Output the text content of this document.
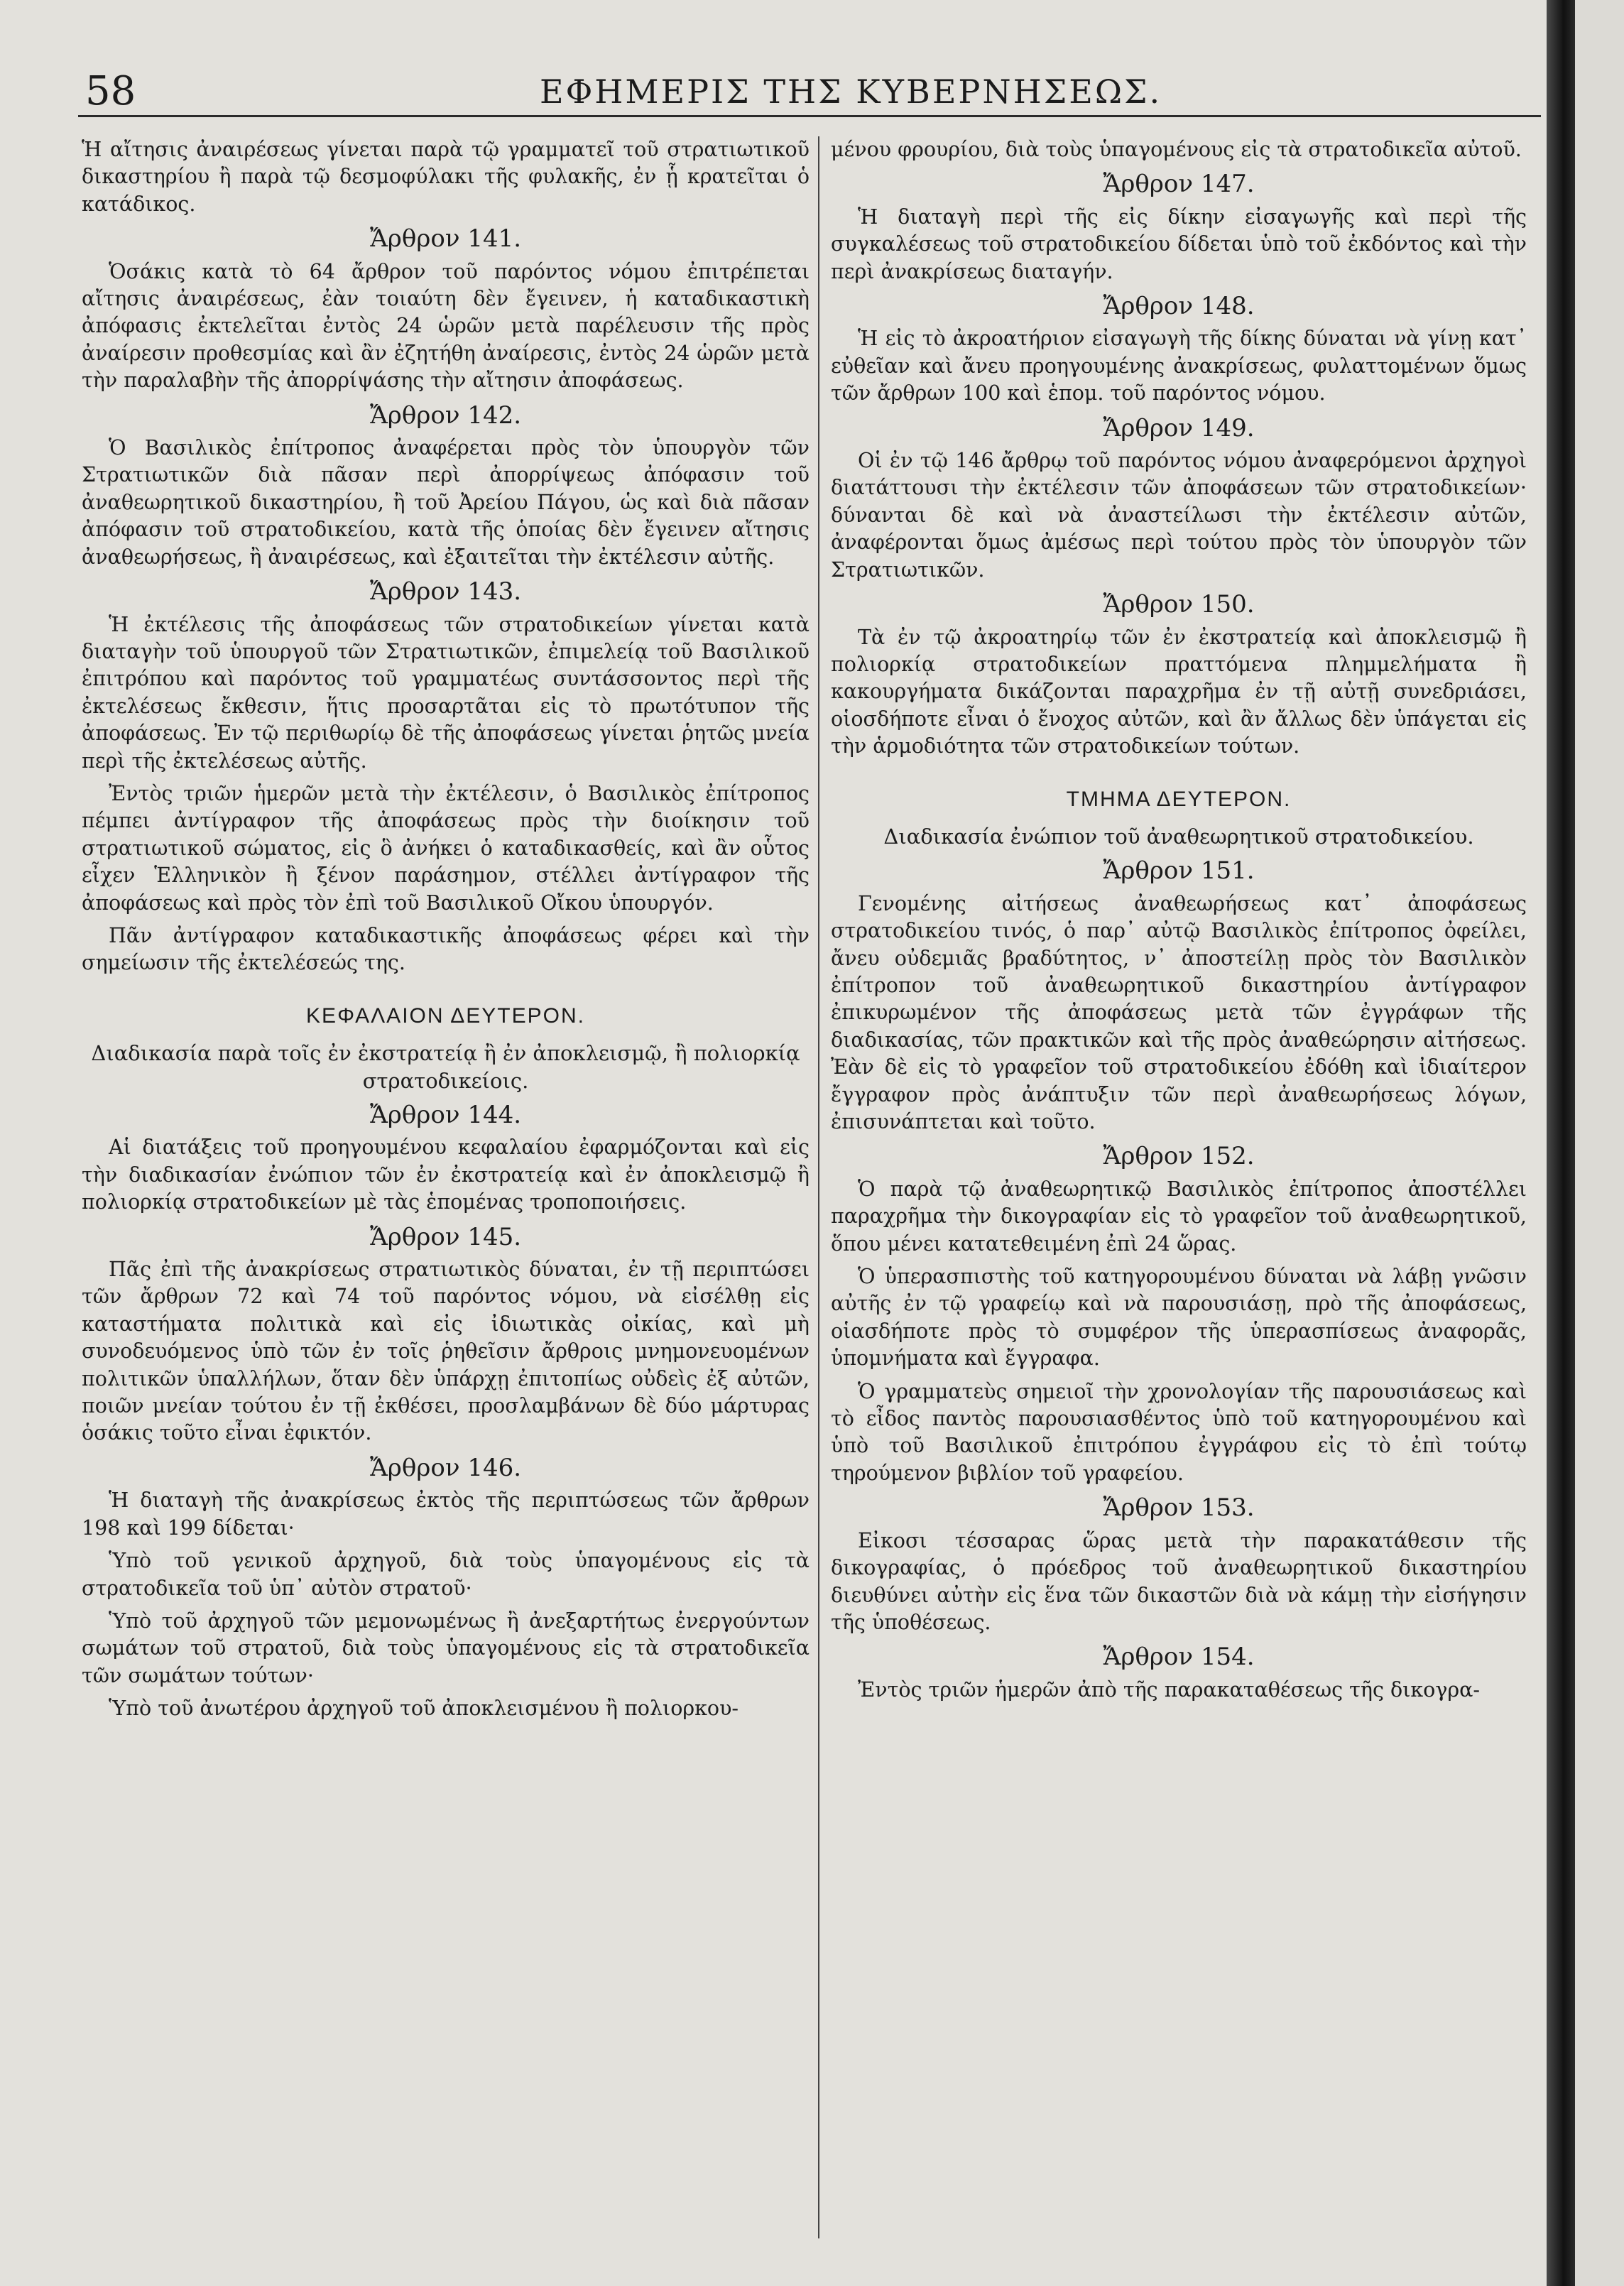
58	ΕΦΗΜΕΡΙΣ ΤΗΣ ΚΥΒΕΡΝΗΣΕΩΣ.

Ἡ αἴτησις ἀναιρέσεως γίνεται παρὰ τῷ γραμματεῖ τοῦ στρατιωτικοῦ δικαστηρίου ἢ παρὰ τῷ δεσμοφύλακι τῆς φυλακῆς, ἐν ᾗ κρατεῖται ὁ κατάδικος.

Ἄρθρον 141.

Ὁσάκις κατὰ τὸ 64 ἄρθρον τοῦ παρόντος νόμου ἐπιτρέπεται αἴτησις ἀναιρέσεως, ἐὰν τοιαύτη δὲν ἔγεινεν, ἡ καταδικαστικὴ ἀπόφασις ἐκτελεῖται ἐντὸς 24 ὡρῶν μετὰ παρέλευσιν τῆς πρὸς ἀναίρεσιν προθεσμίας καὶ ἂν ἐζητήθη ἀναίρεσις, ἐντὸς 24 ὡρῶν μετὰ τὴν παραλαβὴν τῆς ἀπορρίψάσης τὴν αἴτησιν ἀποφάσεως.

Ἄρθρον 142.

Ὁ Βασιλικὸς ἐπίτροπος ἀναφέρεται πρὸς τὸν ὑπουργὸν τῶν Στρατιωτικῶν διὰ πᾶσαν περὶ ἀπορρίψεως ἀπόφασιν τοῦ ἀναθεωρητικοῦ δικαστηρίου, ἢ τοῦ Ἀρείου Πάγου, ὡς καὶ διὰ πᾶσαν ἀπόφασιν τοῦ στρατοδικείου, κατὰ τῆς ὁποίας δὲν ἔγεινεν αἴτησις ἀναθεωρήσεως, ἢ ἀναιρέσεως, καὶ ἐξαιτεῖται τὴν ἐκτέλεσιν αὐτῆς.

Ἄρθρον 143.

Ἡ ἐκτέλεσις τῆς ἀποφάσεως τῶν στρατοδικείων γίνεται κατὰ διαταγὴν τοῦ ὑπουργοῦ τῶν Στρατιωτικῶν, ἐπιμελείᾳ τοῦ Βασιλικοῦ ἐπιτρόπου καὶ παρόντος τοῦ γραμματέως συντάσσοντος περὶ τῆς ἐκτελέσεως ἔκθεσιν, ἥτις προσαρτᾶται εἰς τὸ πρωτότυπον τῆς ἀποφάσεως. Ἐν τῷ περιθωρίῳ δὲ τῆς ἀποφάσεως γίνεται ῥητῶς μνεία περὶ τῆς ἐκτελέσεως αὐτῆς.

Ἐντὸς τριῶν ἡμερῶν μετὰ τὴν ἐκτέλεσιν, ὁ Βασιλικὸς ἐπίτροπος πέμπει ἀντίγραφον τῆς ἀποφάσεως πρὸς τὴν διοίκησιν τοῦ στρατιωτικοῦ σώματος, εἰς ὃ ἀνήκει ὁ καταδικασθείς, καὶ ἂν οὗτος εἶχεν Ἑλληνικὸν ἢ ξένον παράσημον, στέλλει ἀντίγραφον τῆς ἀποφάσεως καὶ πρὸς τὸν ἐπὶ τοῦ Βασιλικοῦ Οἴκου ὑπουργόν.

Πᾶν ἀντίγραφον καταδικαστικῆς ἀποφάσεως φέρει καὶ τὴν σημείωσιν τῆς ἐκτελέσεώς της.

ΚΕΦΑΛΑΙΟΝ ΔΕΥΤΕΡΟΝ.
Διαδικασία παρὰ τοῖς ἐν ἐκστρατείᾳ ἢ ἐν ἀποκλεισμῷ, ἢ πολιορκίᾳ στρατοδικείοις.
Ἄρθρον 144.

Αἱ διατάξεις τοῦ προηγουμένου κεφαλαίου ἐφαρμόζονται καὶ εἰς τὴν διαδικασίαν ἐνώπιον τῶν ἐν ἐκστρατείᾳ καὶ ἐν ἀποκλεισμῷ ἢ πολιορκίᾳ στρατοδικείων μὲ τὰς ἑπομένας τροποποιήσεις.

Ἄρθρον 145.

Πᾶς ἐπὶ τῆς ἀνακρίσεως στρατιωτικὸς δύναται, ἐν τῇ περιπτώσει τῶν ἄρθρων 72 καὶ 74 τοῦ παρόντος νόμου, νὰ εἰσέλθῃ εἰς καταστήματα πολιτικὰ καὶ εἰς ἰδιωτικὰς οἰκίας, καὶ μὴ συνοδευόμενος ὑπὸ τῶν ἐν τοῖς ῥηθεῖσιν ἄρθροις μνημονευομένων πολιτικῶν ὑπαλλήλων, ὅταν δὲν ὑπάρχῃ ἐπιτοπίως οὐδεὶς ἐξ αὐτῶν, ποιῶν μνείαν τούτου ἐν τῇ ἐκθέσει, προσλαμβάνων δὲ δύο μάρτυρας ὁσάκις τοῦτο εἶναι ἐφικτόν.

Ἄρθρον 146.

Ἡ διαταγὴ τῆς ἀνακρίσεως ἐκτὸς τῆς περιπτώσεως τῶν ἄρθρων 198 καὶ 199 δίδεται·

Ὑπὸ τοῦ γενικοῦ ἀρχηγοῦ, διὰ τοὺς ὑπαγομένους εἰς τὰ στρατοδικεῖα τοῦ ὑπ᾽ αὐτὸν στρατοῦ·

Ὑπὸ τοῦ ἀρχηγοῦ τῶν μεμονωμένως ἢ ἀνεξαρτήτως ἐνεργούντων σωμάτων τοῦ στρατοῦ, διὰ τοὺς ὑπαγομένους εἰς τὰ στρατοδικεῖα τῶν σωμάτων τούτων·

Ὑπὸ τοῦ ἀνωτέρου ἀρχηγοῦ τοῦ ἀποκλεισμένου ἢ πολιορκου-

μένου φρουρίου, διὰ τοὺς ὑπαγομένους εἰς τὰ στρατοδικεῖα αὐτοῦ.

Ἄρθρον 147.

Ἡ διαταγὴ περὶ τῆς εἰς δίκην εἰσαγωγῆς καὶ περὶ τῆς συγκαλέσεως τοῦ στρατοδικείου δίδεται ὑπὸ τοῦ ἐκδόντος καὶ τὴν περὶ ἀνακρίσεως διαταγήν.

Ἄρθρον 148.

Ἡ εἰς τὸ ἀκροατήριον εἰσαγωγὴ τῆς δίκης δύναται νὰ γίνῃ κατ᾽ εὐθεῖαν καὶ ἄνευ προηγουμένης ἀνακρίσεως, φυλαττομένων ὅμως τῶν ἄρθρων 100 καὶ ἑπομ. τοῦ παρόντος νόμου.

Ἄρθρον 149.

Οἱ ἐν τῷ 146 ἄρθρῳ τοῦ παρόντος νόμου ἀναφερόμενοι ἀρχηγοὶ διατάττουσι τὴν ἐκτέλεσιν τῶν ἀποφάσεων τῶν στρατοδικείων· δύνανται δὲ καὶ νὰ ἀναστείλωσι τὴν ἐκτέλεσιν αὐτῶν, ἀναφέρονται ὅμως ἀμέσως περὶ τούτου πρὸς τὸν ὑπουργὸν τῶν Στρατιωτικῶν.

Ἄρθρον 150.

Τὰ ἐν τῷ ἀκροατηρίῳ τῶν ἐν ἐκστρατείᾳ καὶ ἀποκλεισμῷ ἢ πολιορκίᾳ στρατοδικείων πραττόμενα πλημμελήματα ἢ κακουργήματα δικάζονται παραχρῆμα ἐν τῇ αὐτῇ συνεδριάσει, οἱοσδήποτε εἶναι ὁ ἔνοχος αὐτῶν, καὶ ἂν ἄλλως δὲν ὑπάγεται εἰς τὴν ἁρμοδιότητα τῶν στρατοδικείων τούτων.

ΤΜΗΜΑ ΔΕΥΤΕΡΟΝ.
Διαδικασία ἐνώπιον τοῦ ἀναθεωρητικοῦ στρατοδικείου.
Ἄρθρον 151.

Γενομένης αἰτήσεως ἀναθεωρήσεως κατ᾽ ἀποφάσεως στρατοδικείου τινός, ὁ παρ᾽ αὐτῷ Βασιλικὸς ἐπίτροπος ὀφείλει, ἄνευ οὐδεμιᾶς βραδύτητος, ν᾽ ἀποστείλῃ πρὸς τὸν Βασιλικὸν ἐπίτροπον τοῦ ἀναθεωρητικοῦ δικαστηρίου ἀντίγραφον ἐπικυρωμένον τῆς ἀποφάσεως μετὰ τῶν ἐγγράφων τῆς διαδικασίας, τῶν πρακτικῶν καὶ τῆς πρὸς ἀναθεώρησιν αἰτήσεως. Ἐὰν δὲ εἰς τὸ γραφεῖον τοῦ στρατοδικείου ἐδόθη καὶ ἰδιαίτερον ἔγγραφον πρὸς ἀνάπτυξιν τῶν περὶ ἀναθεωρήσεως λόγων, ἐπισυνάπτεται καὶ τοῦτο.

Ἄρθρον 152.

Ὁ παρὰ τῷ ἀναθεωρητικῷ Βασιλικὸς ἐπίτροπος ἀποστέλλει παραχρῆμα τὴν δικογραφίαν εἰς τὸ γραφεῖον τοῦ ἀναθεωρητικοῦ, ὅπου μένει κατατεθειμένη ἐπὶ 24 ὥρας.

Ὁ ὑπερασπιστὴς τοῦ κατηγορουμένου δύναται νὰ λάβῃ γνῶσιν αὐτῆς ἐν τῷ γραφείῳ καὶ νὰ παρουσιάσῃ, πρὸ τῆς ἀποφάσεως, οἱασδήποτε πρὸς τὸ συμφέρον τῆς ὑπερασπίσεως ἀναφορᾶς, ὑπομνήματα καὶ ἔγγραφα.

Ὁ γραμματεὺς σημειοῖ τὴν χρονολογίαν τῆς παρουσιάσεως καὶ τὸ εἶδος παντὸς παρουσιασθέντος ὑπὸ τοῦ κατηγορουμένου καὶ ὑπὸ τοῦ Βασιλικοῦ ἐπιτρόπου ἐγγράφου εἰς τὸ ἐπὶ τούτῳ τηρούμενον βιβλίον τοῦ γραφείου.

Ἄρθρον 153.

Εἰκοσι τέσσαρας ὥρας μετὰ τὴν παρακατάθεσιν τῆς δικογραφίας, ὁ πρόεδρος τοῦ ἀναθεωρητικοῦ δικαστηρίου διευθύνει αὐτὴν εἰς ἕνα τῶν δικαστῶν διὰ νὰ κάμῃ τὴν εἰσήγησιν τῆς ὑποθέσεως.

Ἄρθρον 154.

Ἐντὸς τριῶν ἡμερῶν ἀπὸ τῆς παρακαταθέσεως τῆς δικογρα-
